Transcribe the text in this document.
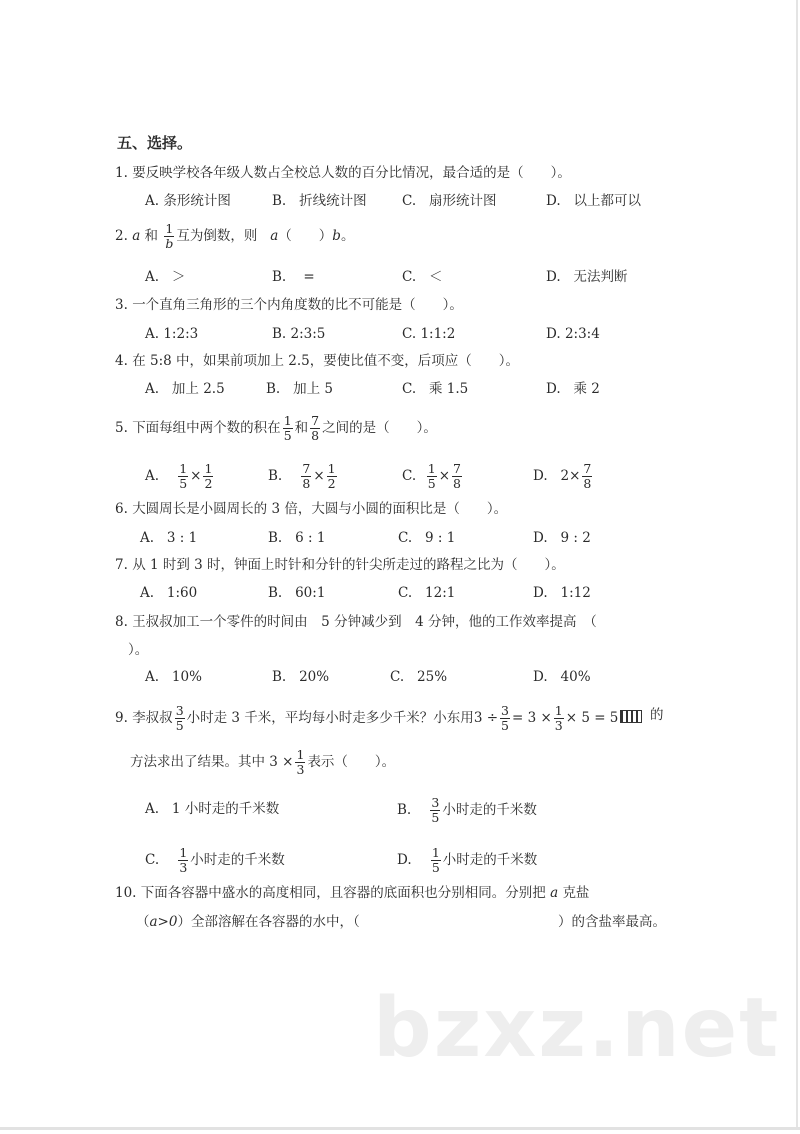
五、选择。
1. 要反映学校各年级人数占全校总人数的百分比情况，最合适的是（　　）。
A. 条形统计图	B. 折线统计图	C. 扇形统计图	D. 以上都可以
2. a 和 $\frac{1}{b}$ 互为倒数，则 a（　　）b。
A. ＞	B. =	C. ＜	D. 无法判断
3. 一个直角三角形的三个内角度数的比不可能是（　　）。
A. 1:2:3	B. 2:3:5	C. 1:1:2	D. 2:3:4
4. 在 5:8 中，如果前项加上 2.5，要使比值不变，后项应（　　）。
A. 加上 2.5	B. 加上 5	C. 乘 1.5	D. 乘 2
5. 下面每组中两个数的积在 $\frac{1}{5}$ 和 $\frac{7}{8}$ 之间的是（　　）。
A. $\frac{1}{5} \times \frac{1}{2}$	B. $\frac{7}{8} \times \frac{1}{2}$	C. $\frac{1}{5} \times \frac{7}{8}$	D. $2\times \frac{7}{8}$
6. 大圆周长是小圆周长的 3 倍，大圆与小圆的面积比是（　　）。
A. 3 : 1	B. 6 : 1	C. 9 : 1	D. 9 : 2
7. 从 1 时到 3 时，钟面上时针和分针的针尖所走过的路程之比为（　　）。
A. 1:60	B. 60:1	C. 12:1	D. 1:12
8. 王叔叔加工一个零件的时间由　5 分钟减少到　4 分钟，他的工作效率提高　（
）。
A. 10%	B. 20%	C. 25%	D. 40%
9. 李叔叔 $\frac{3}{5}$ 小时走 3 千米，平均每小时走多少千米？小东用$3 \div \frac{3}{5} = 3 \times \frac{1}{3} \times 5 = 5$	的
方法求出了结果。其中 $3 \times \frac{1}{3}$ 表示（　　）。
A. 1 小时走的千米数	B. $\frac{3}{5}$ 小时走的千米数
C. $\frac{1}{3}$ 小时走的千米数	D. $\frac{1}{5}$ 小时走的千米数
10. 下面各容器中盛水的高度相同，且容器的底面积也分别相同。分别把 a 克盐
（a>0）全部溶解在各容器的水中，（	）的含盐率最高。
bzxz.net
